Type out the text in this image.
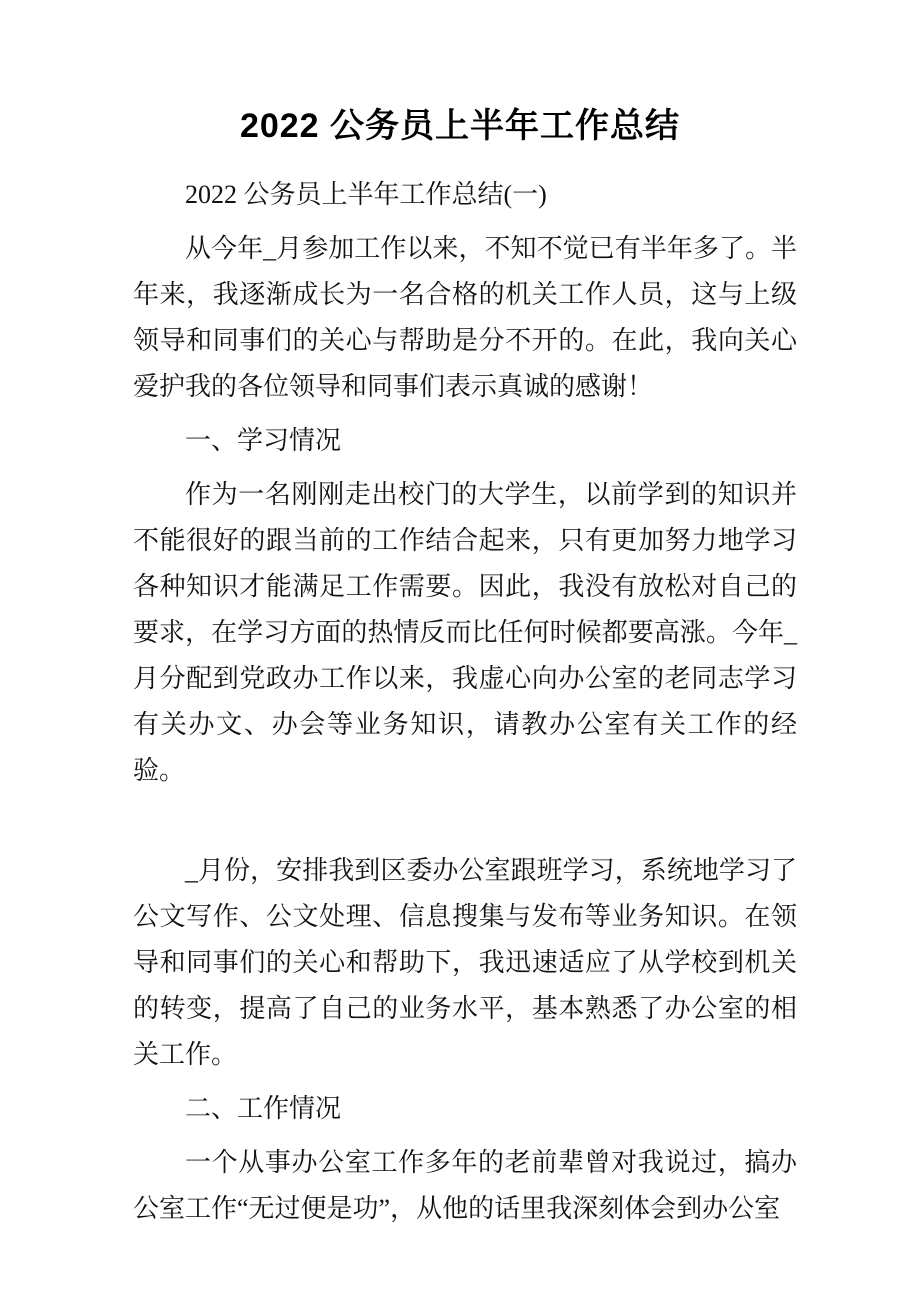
2022 公务员上半年工作总结

2022 公务员上半年工作总结(一)

从今年_月参加工作以来，不知不觉已有半年多了。半年来，我逐渐成长为一名合格的机关工作人员，这与上级领导和同事们的关心与帮助是分不开的。在此，我向关心爱护我的各位领导和同事们表示真诚的感谢！

一、学习情况

作为一名刚刚走出校门的大学生，以前学到的知识并不能很好的跟当前的工作结合起来，只有更加努力地学习各种知识才能满足工作需要。因此，我没有放松对自己的要求，在学习方面的热情反而比任何时候都要高涨。今年_月分配到党政办工作以来，我虚心向办公室的老同志学习有关办文、办会等业务知识，请教办公室有关工作的经验。

_月份，安排我到区委办公室跟班学习，系统地学习了公文写作、公文处理、信息搜集与发布等业务知识。在领导和同事们的关心和帮助下，我迅速适应了从学校到机关的转变，提高了自己的业务水平，基本熟悉了办公室的相关工作。

二、工作情况

一个从事办公室工作多年的老前辈曾对我说过，搞办公室工作“无过便是功”，从他的话里我深刻体会到办公室
